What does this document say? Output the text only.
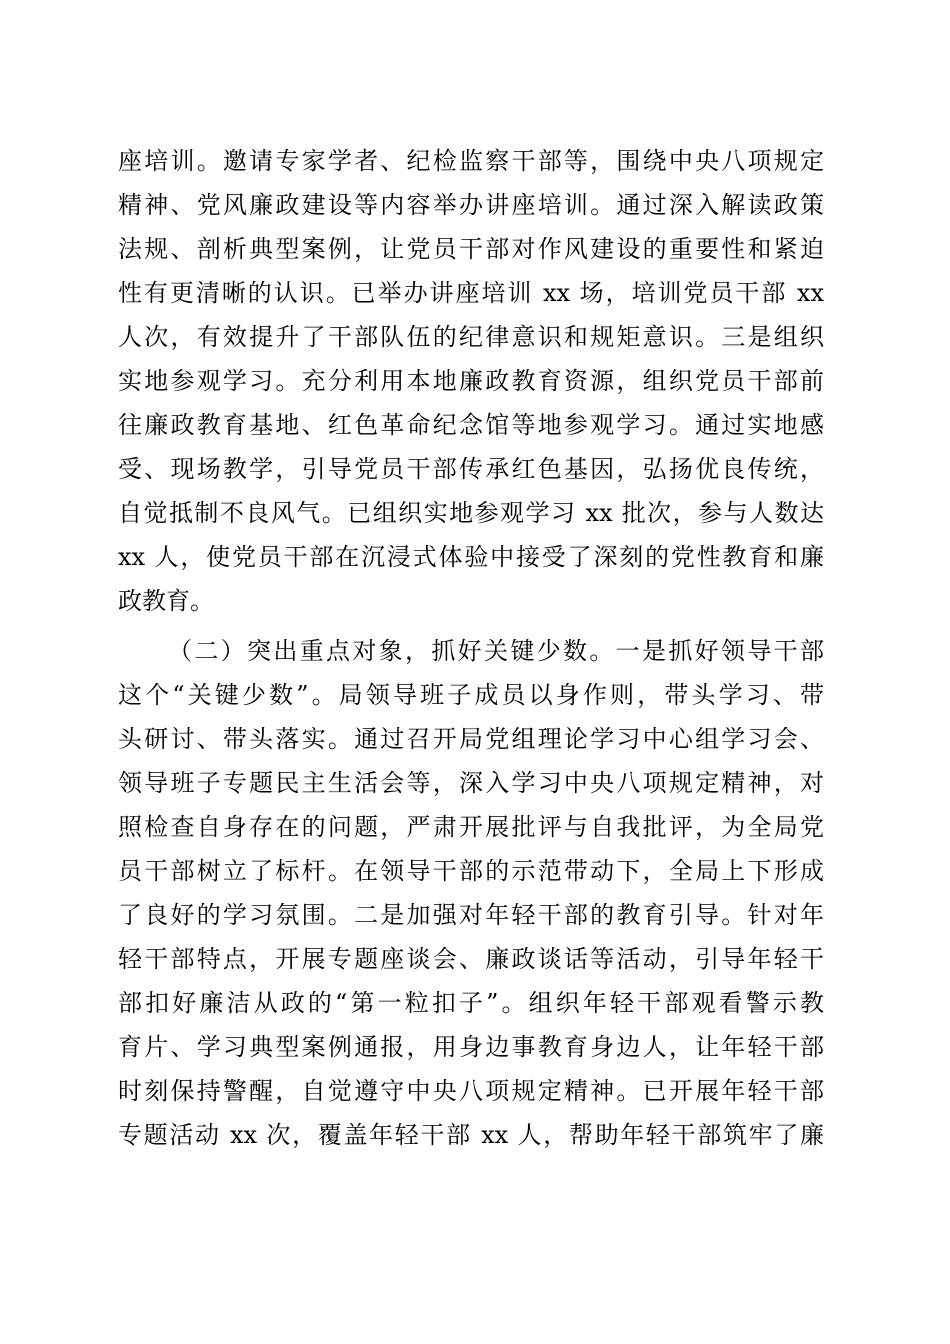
座培训。邀请专家学者、纪检监察干部等，围绕中央八项规定
精神、党风廉政建设等内容举办讲座培训。通过深入解读政策
法规、剖析典型案例，让党员干部对作风建设的重要性和紧迫
性有更清晰的认识。已举办讲座培训 xx 场，培训党员干部 xx
人次，有效提升了干部队伍的纪律意识和规矩意识。三是组织
实地参观学习。充分利用本地廉政教育资源，组织党员干部前
往廉政教育基地、红色革命纪念馆等地参观学习。通过实地感
受、现场教学，引导党员干部传承红色基因，弘扬优良传统，
自觉抵制不良风气。已组织实地参观学习 xx 批次，参与人数达
xx 人，使党员干部在沉浸式体验中接受了深刻的党性教育和廉
政教育。
（二）突出重点对象，抓好关键少数。一是抓好领导干部
这个“关键少数”。局领导班子成员以身作则，带头学习、带
头研讨、带头落实。通过召开局党组理论学习中心组学习会、
领导班子专题民主生活会等，深入学习中央八项规定精神，对
照检查自身存在的问题，严肃开展批评与自我批评，为全局党
员干部树立了标杆。在领导干部的示范带动下，全局上下形成
了良好的学习氛围。二是加强对年轻干部的教育引导。针对年
轻干部特点，开展专题座谈会、廉政谈话等活动，引导年轻干
部扣好廉洁从政的“第一粒扣子”。组织年轻干部观看警示教
育片、学习典型案例通报，用身边事教育身边人，让年轻干部
时刻保持警醒，自觉遵守中央八项规定精神。已开展年轻干部
专题活动 xx 次，覆盖年轻干部 xx 人，帮助年轻干部筑牢了廉
